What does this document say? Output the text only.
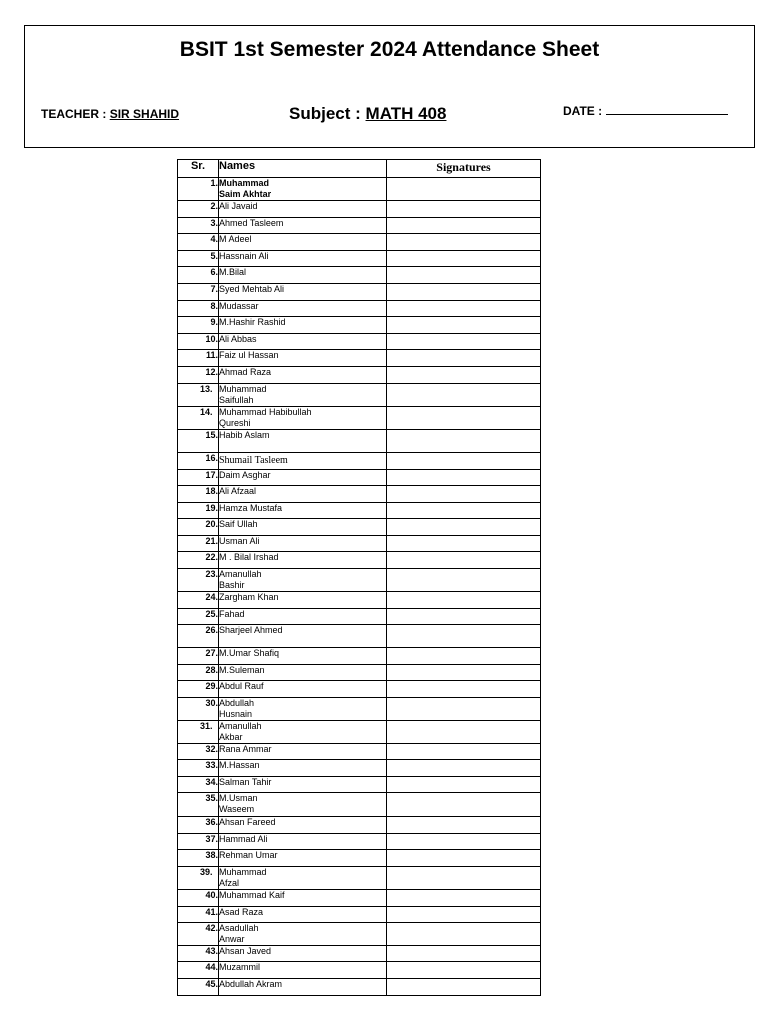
BSIT 1st Semester 2024 Attendance Sheet
TEACHER : SIR SHAHID	Subject : MATH 408	DATE :
Sr.	Names	Signatures
1.	Muhammad
Saim Akhtar	

2.	Ali Javaid	

3.	Ahmed Tasleem	

4.	M Adeel	

5.	Hassnain Ali	

6.	M.Bilal	

7.	Syed Mehtab Ali	

8.	Mudassar	

9.	M.Hashir Rashid	

10.	Ali Abbas	

11.	Faiz ul Hassan	

12.	Ahmad Raza	

13.	Muhammad
Saifullah	

14.	Muhammad Habibullah
Qureshi	

15.	Habib Aslam	

16.	Shumail Tasleem	

17.	Daim Asghar	

18.	Ali Afzaal	

19.	Hamza Mustafa	

20.	Saif Ullah	

21.	Usman Ali	

22.	M . Bilal Irshad	

23.	Amanullah
Bashir	

24.	Zargham Khan	

25.	Fahad	

26.	Sharjeel Ahmed	

27.	M.Umar Shafiq	

28.	M.Suleman	

29.	Abdul Rauf	

30.	Abdullah
Husnain	

31.	Amanullah
Akbar	

32.	Rana Ammar	

33.	M.Hassan	

34.	Salman Tahir	

35.	M.Usman
Waseem	

36.	Ahsan Fareed	

37.	Hammad Ali	

38.	Rehman Umar	

39.	Muhammad
Afzal	

40.	Muhammad Kaif	

41.	Asad Raza	

42.	Asadullah
Anwar	

43.	Ahsan Javed	

44.	Muzammil	

45.	Abdullah Akram	
